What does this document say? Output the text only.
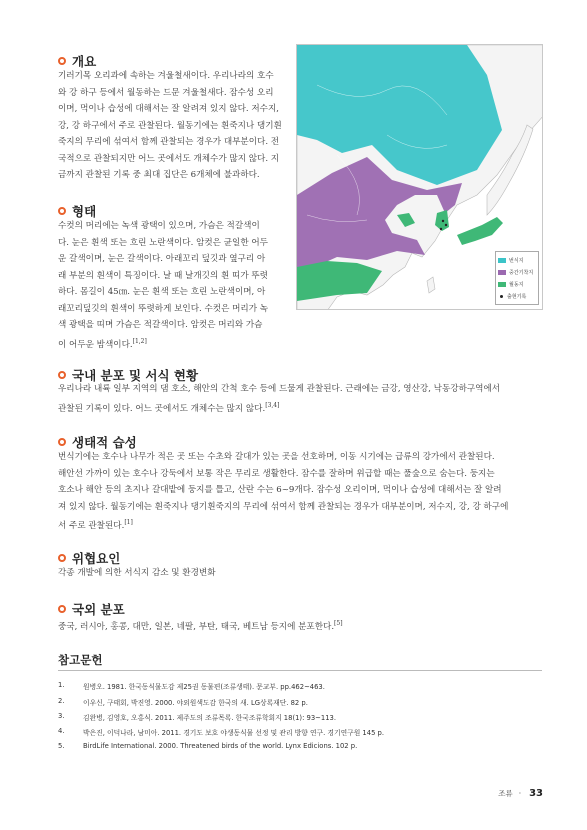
개요
기러기목 오리과에 속하는 겨울철새이다. 우리나라의 호수
와 강 하구 등에서 월동하는 드문 겨울철새다. 잠수성 오리
이며, 먹이나 습성에 대해서는 잘 알려져 있지 않다. 저수지,
강, 강 하구에서 주로 관찰된다. 월동기에는 흰죽지나 댕기흰
죽지의 무리에 섞여서 함께 관찰되는 경우가 대부분이다. 전
국적으로 관찰되지만 어느 곳에서도 개체수가 많지 않다. 지
금까지 관찰된 기록 중 최대 집단은 6개체에 불과하다.
형태
수컷의 머리에는 녹색 광택이 있으며, 가슴은 적갈색이
다. 눈은 흰색 또는 흐린 노란색이다. 암컷은 균일한 어두
운 갈색이며, 눈은 갈색이다. 아래꼬리 덮깃과 옆구리 아
래 부분의 흰색이 특징이다. 날 때 날개깃의 흰 띠가 뚜렷
하다. 몸길이 45㎝. 눈은 흰색 또는 흐린 노란색이며, 아
래꼬리덮깃의 흰색이 뚜렷하게 보인다. 수컷은 머리가 녹
색 광택을 띠며 가슴은 적갈색이다. 암컷은 머리와 가슴
이 어두운 밤색이다.[1,2]
번식지
중간기착지
월동지
출현기록
국내 분포 및 서식 현황
우리나라 내륙 일부 지역의 댐 호소, 해안의 간척 호수 등에 드물게 관찰된다. 근래에는 금강, 영산강, 낙동강하구역에서
관찰된 기록이 있다. 어느 곳에서도 개체수는 많지 않다.[3,4]
생태적 습성
번식기에는 호수나 나무가 적은 곳 또는 수초와 갈대가 있는 곳을 선호하며, 이동 시기에는 급류의 강가에서 관찰된다.
해안선 가까이 있는 호수나 강둑에서 보통 작은 무리로 생활한다. 잠수를 잘하며 위급할 때는 풀숲으로 숨는다. 둥지는
호소나 해안 등의 초지나 갈대밭에 둥지를 틀고, 산란 수는 6~9개다. 잠수성 오리이며, 먹이나 습성에 대해서는 잘 알려
져 있지 않다. 월동기에는 흰죽지나 댕기흰죽지의 무리에 섞여서 함께 관찰되는 경우가 대부분이며, 저수지, 강, 강 하구에
서 주로 관찰된다.[1]
위협요인
각종 개발에 의한 서식지 감소 및 환경변화
국외 분포
중국, 러시아, 홍콩, 대만, 일본, 네팔, 부탄, 태국, 베트남 등지에 분포한다.[5]
참고문헌
1.	원병오. 1981. 한국동식물도감 제25권 동물편(조류생태). 문교부. pp.462~463.
2.	이우신, 구태회, 박진영. 2000. 야외원색도감 한국의 새. LG상록재단. 82 p.
3.	김완병, 김영호, 오홍식. 2011. 제주도의 조류목록. 한국조류학회지 18(1): 93~113.
4.	박은진, 이덕나라, 남미아. 2011. 경기도 보호 야생동식물 선정 및 관리 방향 연구. 경기연구원 145 p.
5.	BirdLife International. 2000. Threatened birds of the world. Lynx Edicions. 102 p.
조류 · 33
